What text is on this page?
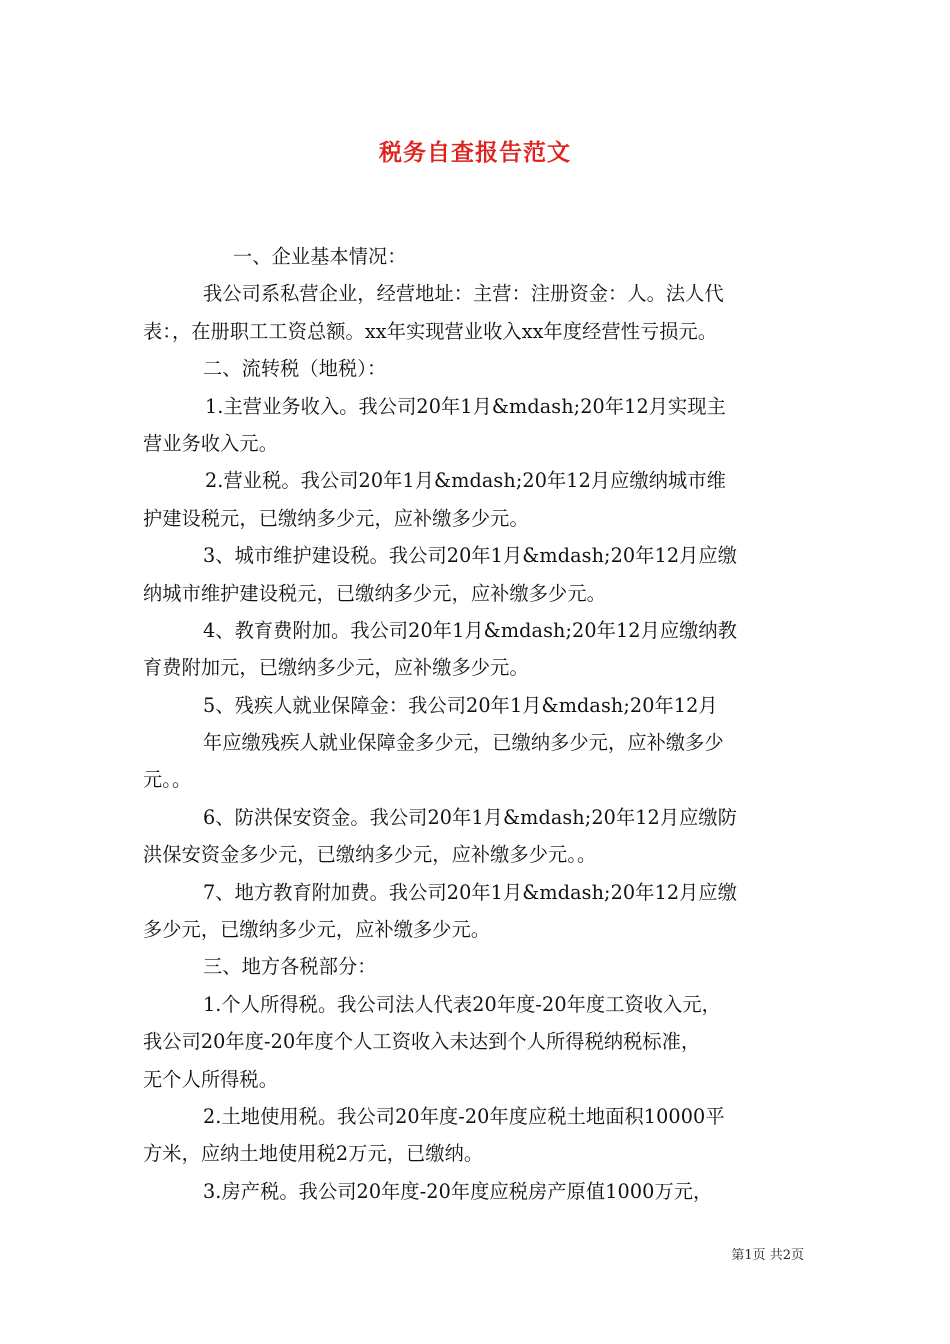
税务自查报告范文
一、企业基本情况：
我公司系私营企业，经营地址：主营：注册资金：人。法人代
表：，在册职工工资总额。xx年实现营业收入xx年度经营性亏损元。
二、流转税（地税）：
1.主营业务收入。我公司20年1月&mdash;20年12月实现主
营业务收入元。
2.营业税。我公司20年1月&mdash;20年12月应缴纳城市维
护建设税元，已缴纳多少元，应补缴多少元。
3、城市维护建设税。我公司20年1月&mdash;20年12月应缴
纳城市维护建设税元，已缴纳多少元，应补缴多少元。
4、教育费附加。我公司20年1月&mdash;20年12月应缴纳教
育费附加元，已缴纳多少元，应补缴多少元。
5、残疾人就业保障金：我公司20年1月&mdash;20年12月
年应缴残疾人就业保障金多少元，已缴纳多少元，应补缴多少
元。。
6、防洪保安资金。我公司20年1月&mdash;20年12月应缴防
洪保安资金多少元，已缴纳多少元，应补缴多少元。。
7、地方教育附加费。我公司20年1月&mdash;20年12月应缴
多少元，已缴纳多少元，应补缴多少元。
三、地方各税部分：
1.个人所得税。我公司法人代表20年度-20年度工资收入元，
我公司20年度-20年度个人工资收入未达到个人所得税纳税标准，
无个人所得税。
2.土地使用税。我公司20年度-20年度应税土地面积10000平
方米，应纳土地使用税2万元，已缴纳。
3.房产税。我公司20年度-20年度应税房产原值1000万元，
第1页 共2页
